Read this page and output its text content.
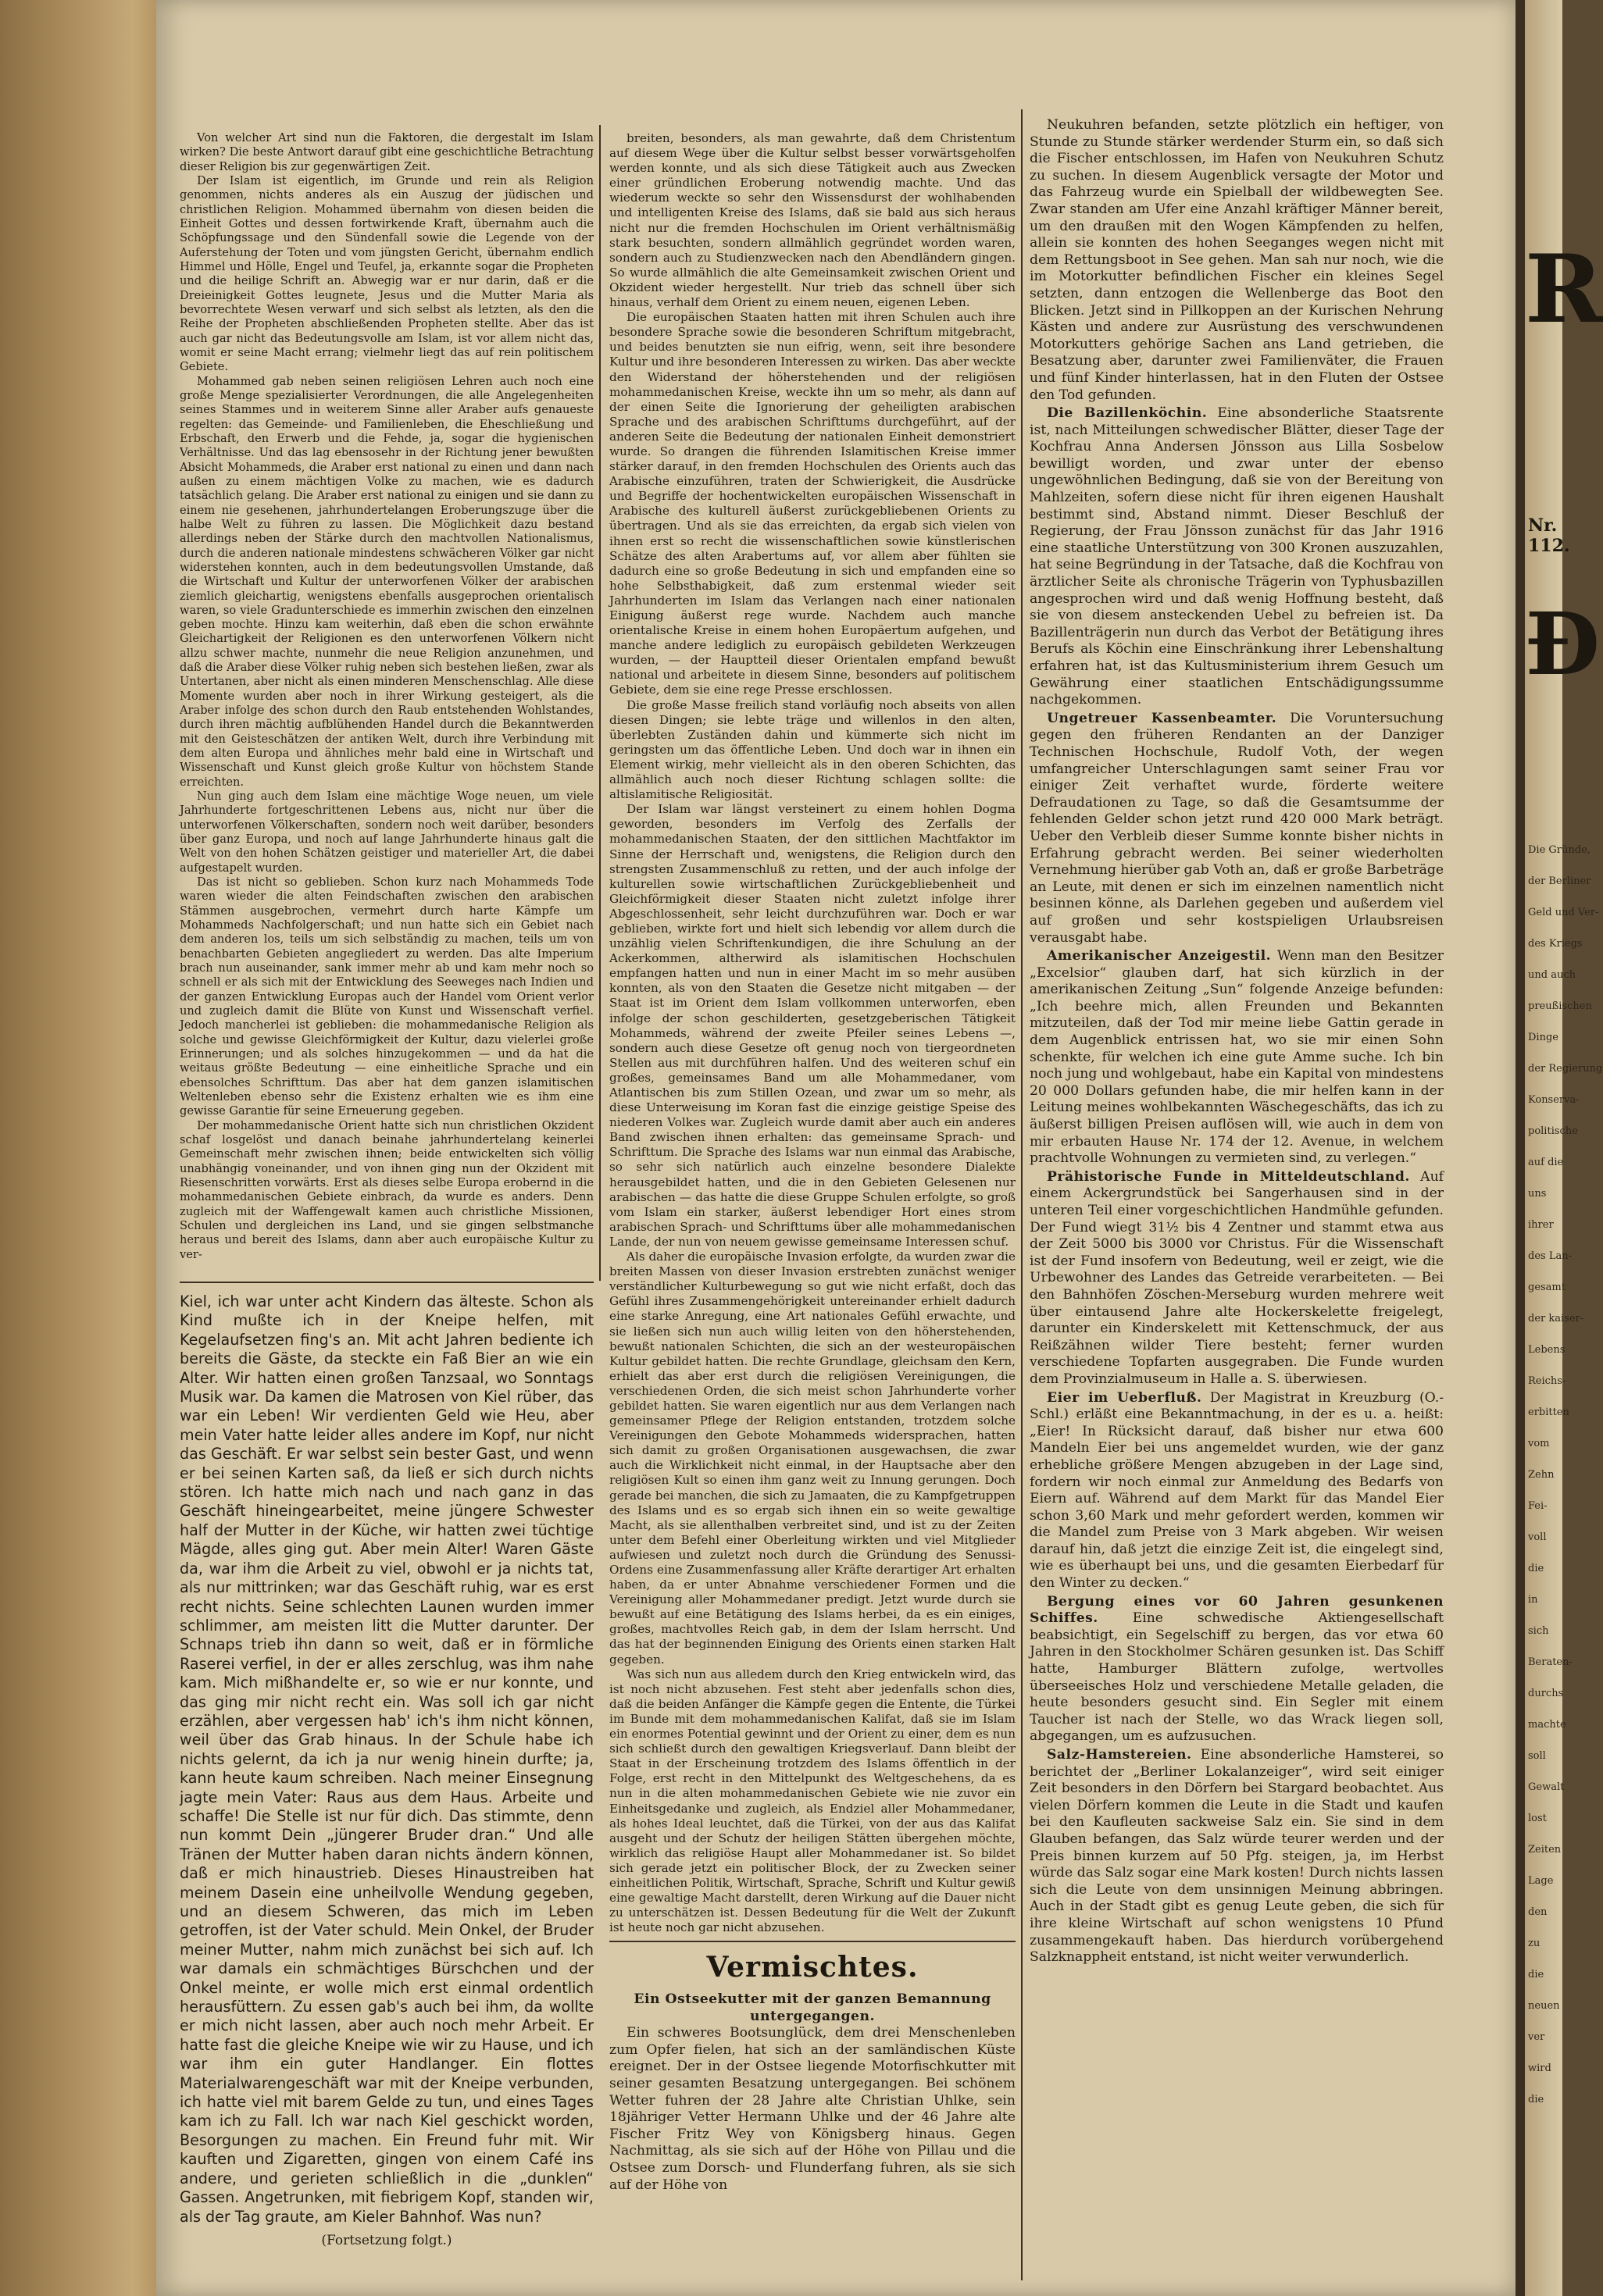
Von welcher Art sind nun die Faktoren, die dergestalt im Islam wirken? Die beste Antwort darauf gibt eine geschichtliche Betrachtung dieser Religion bis zur gegenwärtigen Zeit.

Der Islam ist eigentlich, im Grunde und rein als Religion genommen, nichts anderes als ein Auszug der jüdischen und christlichen Religion. Mohammed übernahm von diesen beiden die Einheit Gottes und dessen fortwirkende Kraft, übernahm auch die Schöpfungssage und den Sündenfall sowie die Legende von der Auferstehung der Toten und vom jüngsten Gericht, übernahm endlich Himmel und Hölle, Engel und Teufel, ja, erkannte sogar die Propheten und die heilige Schrift an. Abwegig war er nur darin, daß er die Dreieinigkeit Gottes leugnete, Jesus und die Mutter Maria als bevorrechtete Wesen verwarf und sich selbst als letzten, als den die Reihe der Propheten abschließenden Propheten stellte. Aber das ist auch gar nicht das Bedeutungsvolle am Islam, ist vor allem nicht das, womit er seine Macht errang; vielmehr liegt das auf rein politischem Gebiete.

Mohammed gab neben seinen religiösen Lehren auch noch eine große Menge spezialisierter Verordnungen, die alle Angelegenheiten seines Stammes und in weiterem Sinne aller Araber aufs genaueste regelten: das Gemeinde- und Familienleben, die Eheschließung und Erbschaft, den Erwerb und die Fehde, ja, sogar die hygienischen Verhältnisse. Und das lag ebensosehr in der Richtung jener bewußten Absicht Mohammeds, die Araber erst national zu einen und dann nach außen zu einem mächtigen Volke zu machen, wie es dadurch tatsächlich gelang. Die Araber erst national zu einigen und sie dann zu einem nie gesehenen, jahrhundertelangen Eroberungszuge über die halbe Welt zu führen zu lassen. Die Möglichkeit dazu bestand allerdings neben der Stärke durch den machtvollen Nationalismus, durch die anderen nationale mindestens schwächeren Völker gar nicht widerstehen konnten, auch in dem bedeutungsvollen Umstande, daß die Wirtschaft und Kultur der unterworfenen Völker der arabischen ziemlich gleichartig, wenigstens ebenfalls ausgeprochen orientalisch waren, so viele Gradunterschiede es immerhin zwischen den einzelnen geben mochte. Hinzu kam weiterhin, daß eben die schon erwähnte Gleichartigkeit der Religionen es den unterworfenen Völkern nicht allzu schwer machte, nunmehr die neue Religion anzunehmen, und daß die Araber diese Völker ruhig neben sich bestehen ließen, zwar als Untertanen, aber nicht als einen minderen Menschenschlag. Alle diese Momente wurden aber noch in ihrer Wirkung gesteigert, als die Araber infolge des schon durch den Raub entstehenden Wohlstandes, durch ihren mächtig aufblühenden Handel durch die Bekanntwerden mit den Geisteschätzen der antiken Welt, durch ihre Verbindung mit dem alten Europa und ähnliches mehr bald eine in Wirtschaft und Wissenschaft und Kunst gleich große Kultur von höchstem Stande erreichten.

Nun ging auch dem Islam eine mächtige Woge neuen, um viele Jahrhunderte fortgeschrittenen Lebens aus, nicht nur über die unterworfenen Völkerschaften, sondern noch weit darüber, besonders über ganz Europa, und noch auf lange Jahrhunderte hinaus galt die Welt von den hohen Schätzen geistiger und materieller Art, die dabei aufgestapelt wurden.

Das ist nicht so geblieben. Schon kurz nach Mohammeds Tode waren wieder die alten Feindschaften zwischen den arabischen Stämmen ausgebrochen, vermehrt durch harte Kämpfe um Mohammeds Nachfolgerschaft; und nun hatte sich ein Gebiet nach dem anderen los, teils um sich selbständig zu machen, teils um von benachbarten Gebieten angegliedert zu werden. Das alte Imperium brach nun auseinander, sank immer mehr ab und kam mehr noch so schnell er als sich mit der Entwicklung des Seeweges nach Indien und der ganzen Entwicklung Europas auch der Handel vom Orient verlor und zugleich damit die Blüte von Kunst und Wissenschaft verfiel. Jedoch mancherlei ist geblieben: die mohammedanische Religion als solche und gewisse Gleichförmigkeit der Kultur, dazu vielerlei große Erinnerungen; und als solches hinzugekommen — und da hat die weitaus größte Bedeutung — eine einheitliche Sprache und ein ebensolches Schrifttum. Das aber hat dem ganzen islamitischen Weltenleben ebenso sehr die Existenz erhalten wie es ihm eine gewisse Garantie für seine Erneuerung gegeben.

Der mohammedanische Orient hatte sich nun christlichen Okzident schaf losgelöst und danach beinahe jahrhundertelang keinerlei Gemeinschaft mehr zwischen ihnen; beide entwickelten sich völlig unabhängig voneinander, und von ihnen ging nun der Okzident mit Riesenschritten vorwärts. Erst als dieses selbe Europa erobernd in die mohammedanischen Gebiete einbrach, da wurde es anders. Denn zugleich mit der Waffengewalt kamen auch christliche Missionen, Schulen und dergleichen ins Land, und sie gingen selbstmanche heraus und bereit des Islams, dann aber auch europäische Kultur zu ver-

breiten, besonders, als man gewahrte, daß dem Christentum auf diesem Wege über die Kultur selbst besser vorwärtsgeholfen werden konnte, und als sich diese Tätigkeit auch aus Zwecken einer gründlichen Eroberung notwendig machte. Und das wiederum weckte so sehr den Wissensdurst der wohlhabenden und intelligenten Kreise des Islams, daß sie bald aus sich heraus nicht nur die fremden Hochschulen im Orient verhältnismäßig stark besuchten, sondern allmählich gegründet worden waren, sondern auch zu Studienzwecken nach den Abendländern gingen. So wurde allmählich die alte Gemeinsamkeit zwischen Orient und Okzident wieder hergestellt. Nur trieb das schnell über sich hinaus, verhalf dem Orient zu einem neuen, eigenen Leben.

Die europäischen Staaten hatten mit ihren Schulen auch ihre besondere Sprache sowie die besonderen Schriftum mitgebracht, und beides benutzten sie nun eifrig, wenn, seit ihre besondere Kultur und ihre besonderen Interessen zu wirken. Das aber weckte den Widerstand der höherstehenden und der religiösen mohammedanischen Kreise, weckte ihn um so mehr, als dann auf der einen Seite die Ignorierung der geheiligten arabischen Sprache und des arabischen Schrifttums durchgeführt, auf der anderen Seite die Bedeutung der nationalen Einheit demonstriert wurde. So drangen die führenden Islamitischen Kreise immer stärker darauf, in den fremden Hochschulen des Orients auch das Arabische einzuführen, traten der Schwierigkeit, die Ausdrücke und Begriffe der hochentwickelten europäischen Wissenschaft in Arabische des kulturell äußerst zurückgebliebenen Orients zu übertragen. Und als sie das erreichten, da ergab sich vielen von ihnen erst so recht die wissenschaftlichen sowie künstlerischen Schätze des alten Arabertums auf, vor allem aber fühlten sie dadurch eine so große Bedeutung in sich und empfanden eine so hohe Selbsthabigkeit, daß zum erstenmal wieder seit Jahrhunderten im Islam das Verlangen nach einer nationalen Einigung äußerst rege wurde. Nachdem auch manche orientalische Kreise in einem hohen Europäertum aufgehen, und manche andere lediglich zu europäisch gebildeten Werkzeugen wurden, — der Hauptteil dieser Orientalen empfand bewußt national und arbeitete in diesem Sinne, besonders auf politischem Gebiete, dem sie eine rege Presse erschlossen.

Die große Masse freilich stand vorläufig noch abseits von allen diesen Dingen; sie lebte träge und willenlos in den alten, überlebten Zuständen dahin und kümmerte sich nicht im geringsten um das öffentliche Leben. Und doch war in ihnen ein Element wirkig, mehr vielleicht als in den oberen Schichten, das allmählich auch noch dieser Richtung schlagen sollte: die altislamitische Religiosität.

Der Islam war längst versteinert zu einem hohlen Dogma geworden, besonders im Verfolg des Zerfalls der mohammedanischen Staaten, der den sittlichen Machtfaktor im Sinne der Herrschaft und, wenigstens, die Religion durch den strengsten Zusammenschluß zu retten, und der auch infolge der kulturellen sowie wirtschaftlichen Zurückgebliebenheit und Gleichförmigkeit dieser Staaten nicht zuletzt infolge ihrer Abgeschlossenheit, sehr leicht durchzuführen war. Doch er war geblieben, wirkte fort und hielt sich lebendig vor allem durch die unzählig vielen Schriftenkundigen, die ihre Schulung an der Ackerkommen, altherwird als islamitischen Hochschulen empfangen hatten und nun in einer Macht im so mehr ausüben konnten, als von den Staaten die Gesetze nicht mitgaben — der Staat ist im Orient dem Islam vollkommen unterworfen, eben infolge der schon geschilderten, gesetzgeberischen Tätigkeit Mohammeds, während der zweite Pfeiler seines Lebens —, sondern auch diese Gesetze oft genug noch von tiergeordneten Stellen aus mit durchführen halfen. Und des weiteren schuf ein großes, gemeinsames Band um alle Mohammedaner, vom Atlantischen bis zum Stillen Ozean, und zwar um so mehr, als diese Unterweisung im Koran fast die einzige geistige Speise des niederen Volkes war. Zugleich wurde damit aber auch ein anderes Band zwischen ihnen erhalten: das gemeinsame Sprach- und Schrifttum. Die Sprache des Islams war nun einmal das Arabische, so sehr sich natürlich auch einzelne besondere Dialekte herausgebildet hatten, und die in den Gebieten Gelesenen nur arabischen — das hatte die diese Gruppe Schulen erfolgte, so groß vom Islam ein starker, äußerst lebendiger Hort eines strom arabischen Sprach- und Schrifttums über alle mohammedanischen Lande, der nun von neuem gewisse gemeinsame Interessen schuf.

Als daher die europäische Invasion erfolgte, da wurden zwar die breiten Massen von dieser Invasion erstrebten zunächst weniger verständlicher Kulturbewegung so gut wie nicht erfaßt, doch das Gefühl ihres Zusammengehörigkeit untereinander erhielt dadurch eine starke Anregung, eine Art nationales Gefühl erwachte, und sie ließen sich nun auch willig leiten von den höherstehenden, bewußt nationalen Schichten, die sich an der westeuropäischen Kultur gebildet hatten. Die rechte Grundlage, gleichsam den Kern, erhielt das aber erst durch die religiösen Vereinigungen, die verschiedenen Orden, die sich meist schon Jahrhunderte vorher gebildet hatten. Sie waren eigentlich nur aus dem Verlangen nach gemeinsamer Pflege der Religion entstanden, trotzdem solche Vereinigungen den Gebote Mohammeds widersprachen, hatten sich damit zu großen Organisationen ausgewachsen, die zwar auch die Wirklichkeit nicht einmal, in der Hauptsache aber den religiösen Kult so einen ihm ganz weit zu Innung gerungen. Doch gerade bei manchen, die sich zu Jamaaten, die zu Kampfgetruppen des Islams und es so ergab sich ihnen ein so weite gewaltige Macht, als sie allenthalben verbreitet sind, und ist zu der Zeiten unter dem Befehl einer Oberleitung wirkten und viel Mitglieder aufwiesen und zuletzt noch durch die Gründung des Senussi-Ordens eine Zusammenfassung aller Kräfte derartiger Art erhalten haben, da er unter Abnahme verschiedener Formen und die Vereinigung aller Mohammedaner predigt. Jetzt wurde durch sie bewußt auf eine Betätigung des Islams herbei, da es ein einiges, großes, machtvolles Reich gab, in dem der Islam herrscht. Und das hat der beginnenden Einigung des Orients einen starken Halt gegeben.

Was sich nun aus alledem durch den Krieg entwickeln wird, das ist noch nicht abzusehen. Fest steht aber jedenfalls schon dies, daß die beiden Anfänger die Kämpfe gegen die Entente, die Türkei im Bunde mit dem mohammedanischen Kalifat, daß sie im Islam ein enormes Potential gewinnt und der Orient zu einer, dem es nun sich schließt durch den gewaltigen Kriegsverlauf. Dann bleibt der Staat in der Erscheinung trotzdem des Islams öffentlich in der Folge, erst recht in den Mittelpunkt des Weltgeschehens, da es nun in die alten mohammedanischen Gebiete wie nie zuvor ein Einheitsgedanke und zugleich, als Endziel aller Mohammedaner, als hohes Ideal leuchtet, daß die Türkei, von der aus das Kalifat ausgeht und der Schutz der heiligen Stätten übergehen möchte, wirklich das religiöse Haupt aller Mohammedaner ist. So bildet sich gerade jetzt ein politischer Block, der zu Zwecken seiner einheitlichen Politik, Wirtschaft, Sprache, Schrift und Kultur gewiß eine gewaltige Macht darstellt, deren Wirkung auf die Dauer nicht zu unterschätzen ist. Dessen Bedeutung für die Welt der Zukunft ist heute noch gar nicht abzusehen.

Kiel, ich war unter acht Kindern das älteste. Schon als Kind mußte ich in der Kneipe helfen, mit Kegelaufsetzen fing's an. Mit acht Jahren bediente ich bereits die Gäste, da steckte ein Faß Bier an wie ein Alter. Wir hatten einen großen Tanzsaal, wo Sonntags Musik war. Da kamen die Matrosen von Kiel rüber, das war ein Leben! Wir verdienten Geld wie Heu, aber mein Vater hatte leider alles andere im Kopf, nur nicht das Geschäft. Er war selbst sein bester Gast, und wenn er bei seinen Karten saß, da ließ er sich durch nichts stören. Ich hatte mich nach und nach ganz in das Geschäft hineingearbeitet, meine jüngere Schwester half der Mutter in der Küche, wir hatten zwei tüchtige Mägde, alles ging gut. Aber mein Alter! Waren Gäste da, war ihm die Arbeit zu viel, obwohl er ja nichts tat, als nur mittrinken; war das Geschäft ruhig, war es erst recht nichts. Seine schlechten Launen wurden immer schlimmer, am meisten litt die Mutter darunter. Der Schnaps trieb ihn dann so weit, daß er in förmliche Raserei verfiel, in der er alles zerschlug, was ihm nahe kam. Mich mißhandelte er, so wie er nur konnte, und das ging mir nicht recht ein. Was soll ich gar nicht erzählen, aber vergessen hab' ich's ihm nicht können, weil über das Grab hinaus. In der Schule habe ich nichts gelernt, da ich ja nur wenig hinein durfte; ja, kann heute kaum schreiben. Nach meiner Einsegnung jagte mein Vater: Raus aus dem Haus. Arbeite und schaffe! Die Stelle ist nur für dich. Das stimmte, denn nun kommt Dein „jüngerer Bruder dran.“ Und alle Tränen der Mutter haben daran nichts ändern können, daß er mich hinaustrieb. Dieses Hinaustreiben hat meinem Dasein eine unheilvolle Wendung gegeben, und an diesem Schweren, das mich im Leben getroffen, ist der Vater schuld. Mein Onkel, der Bruder meiner Mutter, nahm mich zunächst bei sich auf. Ich war damals ein schmächtiges Bürschchen und der Onkel meinte, er wolle mich erst einmal ordentlich herausfüttern. Zu essen gab's auch bei ihm, da wollte er mich nicht lassen, aber auch noch mehr Arbeit. Er hatte fast die gleiche Kneipe wie wir zu Hause, und ich war ihm ein guter Handlanger. Ein flottes Materialwarengeschäft war mit der Kneipe verbunden, ich hatte viel mit barem Gelde zu tun, und eines Tages kam ich zu Fall. Ich war nach Kiel geschickt worden, Besorgungen zu machen. Ein Freund fuhr mit. Wir kauften und Zigaretten, gingen von einem Café ins andere, und gerieten schließlich in die „dunklen“ Gassen. Angetrunken, mit fiebrigem Kopf, standen wir, als der Tag graute, am Kieler Bahnhof. Was nun?

(Fortsetzung folgt.)
Vermischtes.

Ein Ostseekutter mit der ganzen Bemannung untergegangen.

Ein schweres Bootsunglück, dem drei Menschenleben zum Opfer fielen, hat sich an der samländischen Küste ereignet. Der in der Ostsee liegende Motorfischkutter mit seiner gesamten Besatzung untergegangen. Bei schönem Wetter fuhren der 28 Jahre alte Christian Uhlke, sein 18jähriger Vetter Hermann Uhlke und der 46 Jahre alte Fischer Fritz Wey von Königsberg hinaus. Gegen Nachmittag, als sie sich auf der Höhe von Pillau und die Ostsee zum Dorsch- und Flunderfang fuhren, als sie sich auf der Höhe von

Neukuhren befanden, setzte plötzlich ein heftiger, von Stunde zu Stunde stärker werdender Sturm ein, so daß sich die Fischer entschlossen, im Hafen von Neukuhren Schutz zu suchen. In diesem Augenblick versagte der Motor und das Fahrzeug wurde ein Spielball der wildbewegten See. Zwar standen am Ufer eine Anzahl kräftiger Männer bereit, um den draußen mit den Wogen Kämpfenden zu helfen, allein sie konnten des hohen Seeganges wegen nicht mit dem Rettungsboot in See gehen. Man sah nur noch, wie die im Motorkutter befindlichen Fischer ein kleines Segel setzten, dann entzogen die Wellenberge das Boot den Blicken. Jetzt sind in Pillkoppen an der Kurischen Nehrung Kästen und andere zur Ausrüstung des verschwundenen Motorkutters gehörige Sachen ans Land getrieben, die Besatzung aber, darunter zwei Familienväter, die Frauen und fünf Kinder hinterlassen, hat in den Fluten der Ostsee den Tod gefunden.

Die Bazillenköchin. Eine absonderliche Staatsrente ist, nach Mitteilungen schwedischer Blätter, dieser Tage der Kochfrau Anna Andersen Jönsson aus Lilla Sosbelow bewilligt worden, und zwar unter der ebenso ungewöhnlichen Bedingung, daß sie von der Bereitung von Mahlzeiten, sofern diese nicht für ihren eigenen Haushalt bestimmt sind, Abstand nimmt. Dieser Beschluß der Regierung, der Frau Jönsson zunächst für das Jahr 1916 eine staatliche Unterstützung von 300 Kronen auszuzahlen, hat seine Begründung in der Tatsache, daß die Kochfrau von ärztlicher Seite als chronische Trägerin von Typhusbazillen angesprochen wird und daß wenig Hoffnung besteht, daß sie von diesem ansteckenden Uebel zu befreien ist. Da Bazillenträgerin nun durch das Verbot der Betätigung ihres Berufs als Köchin eine Einschränkung ihrer Lebenshaltung erfahren hat, ist das Kultusministerium ihrem Gesuch um Gewährung einer staatlichen Entschädigungssumme nachgekommen.

Ungetreuer Kassenbeamter. Die Voruntersuchung gegen den früheren Rendanten an der Danziger Technischen Hochschule, Rudolf Voth, der wegen umfangreicher Unterschlagungen samt seiner Frau vor einiger Zeit verhaftet wurde, förderte weitere Defraudationen zu Tage, so daß die Gesamtsumme der fehlenden Gelder schon jetzt rund 420 000 Mark beträgt. Ueber den Verbleib dieser Summe konnte bisher nichts in Erfahrung gebracht werden. Bei seiner wiederholten Vernehmung hierüber gab Voth an, daß er große Barbeträge an Leute, mit denen er sich im einzelnen namentlich nicht besinnen könne, als Darlehen gegeben und außerdem viel auf großen und sehr kostspieligen Urlaubsreisen verausgabt habe.

Amerikanischer Anzeigestil. Wenn man den Besitzer „Excelsior“ glauben darf, hat sich kürzlich in der amerikanischen Zeitung „Sun“ folgende Anzeige befunden: „Ich beehre mich, allen Freunden und Bekannten mitzuteilen, daß der Tod mir meine liebe Gattin gerade in dem Augenblick entrissen hat, wo sie mir einen Sohn schenkte, für welchen ich eine gute Amme suche. Ich bin noch jung und wohlgebaut, habe ein Kapital von mindestens 20 000 Dollars gefunden habe, die mir helfen kann in der Leitung meines wohlbekannten Wäschegeschäfts, das ich zu äußerst billigen Preisen auflösen will, wie auch in dem von mir erbauten Hause Nr. 174 der 12. Avenue, in welchem prachtvolle Wohnungen zu vermieten sind, zu verlegen.“

Prähistorische Funde in Mitteldeutschland. Auf einem Ackergrundstück bei Sangerhausen sind in der unteren Teil einer vorgeschichtlichen Handmühle gefunden. Der Fund wiegt 31½ bis 4 Zentner und stammt etwa aus der Zeit 5000 bis 3000 vor Christus. Für die Wissenschaft ist der Fund insofern von Bedeutung, weil er zeigt, wie die Urbewohner des Landes das Getreide verarbeiteten. — Bei den Bahnhöfen Zöschen-Merseburg wurden mehrere weit über eintausend Jahre alte Hockerskelette freigelegt, darunter ein Kinderskelett mit Kettenschmuck, der aus Reißzähnen wilder Tiere besteht; ferner wurden verschiedene Topfarten ausgegraben. Die Funde wurden dem Provinzialmuseum in Halle a. S. überwiesen.

Eier im Ueberfluß. Der Magistrat in Kreuzburg (O.-Schl.) erläßt eine Bekanntmachung, in der es u. a. heißt: „Eier! In Rücksicht darauf, daß bisher nur etwa 600 Mandeln Eier bei uns angemeldet wurden, wie der ganz erhebliche größere Mengen abzugeben in der Lage sind, fordern wir noch einmal zur Anmeldung des Bedarfs von Eiern auf. Während auf dem Markt für das Mandel Eier schon 3,60 Mark und mehr gefordert werden, kommen wir die Mandel zum Preise von 3 Mark abgeben. Wir weisen darauf hin, daß jetzt die einzige Zeit ist, die eingelegt sind, wie es überhaupt bei uns, und die gesamten Eierbedarf für den Winter zu decken.“

Bergung eines vor 60 Jahren gesunkenen Schiffes.	Eine schwedische Aktiengesellschaft beabsichtigt, ein Segelschiff zu bergen, das vor etwa 60 Jahren in den Stockholmer Schären gesunken ist. Das Schiff hatte, Hamburger Blättern zufolge, wertvolles überseeisches Holz und verschiedene Metalle geladen, die heute besonders gesucht sind. Ein Segler mit einem Taucher ist nach der Stelle, wo das Wrack liegen soll, abgegangen, um es aufzusuchen.

Salz-Hamstereien. Eine absonderliche Hamsterei, so berichtet der „Berliner Lokalanzeiger“, wird seit einiger Zeit besonders in den Dörfern bei Stargard beobachtet. Aus vielen Dörfern kommen die Leute in die Stadt und kaufen bei den Kaufleuten sackweise Salz ein. Sie sind in dem Glauben befangen, das Salz würde teurer werden und der Preis binnen kurzem auf 50 Pfg. steigen, ja, im Herbst würde das Salz sogar eine Mark kosten! Durch nichts lassen sich die Leute von dem unsinnigen Meinung abbringen. Auch in der Stadt gibt es genug Leute geben, die sich für ihre kleine Wirtschaft auf schon wenigstens 10 Pfund zusammengekauft haben. Das hierdurch vorübergehend Salzknappheit entstand, ist nicht weiter verwunderlich.

R
Nr. 112.
Ð
Die Gründe,
der Berliner
Geld und Ver-
des Kriegs
und auch
preußischen
Dinge
der Regierung
Konserva-
politische
auf die
uns
ihrer
des Lan-
gesamt
der kaiser-
Lebens
Reichs-
erbitten
vom
Zehn
Fei-
voll
die
in
sich
Beraten-
durchs
machte
soll
Gewalt
lost
Zeiten
Lage
den
zu
die
neuen
ver
wird
die
